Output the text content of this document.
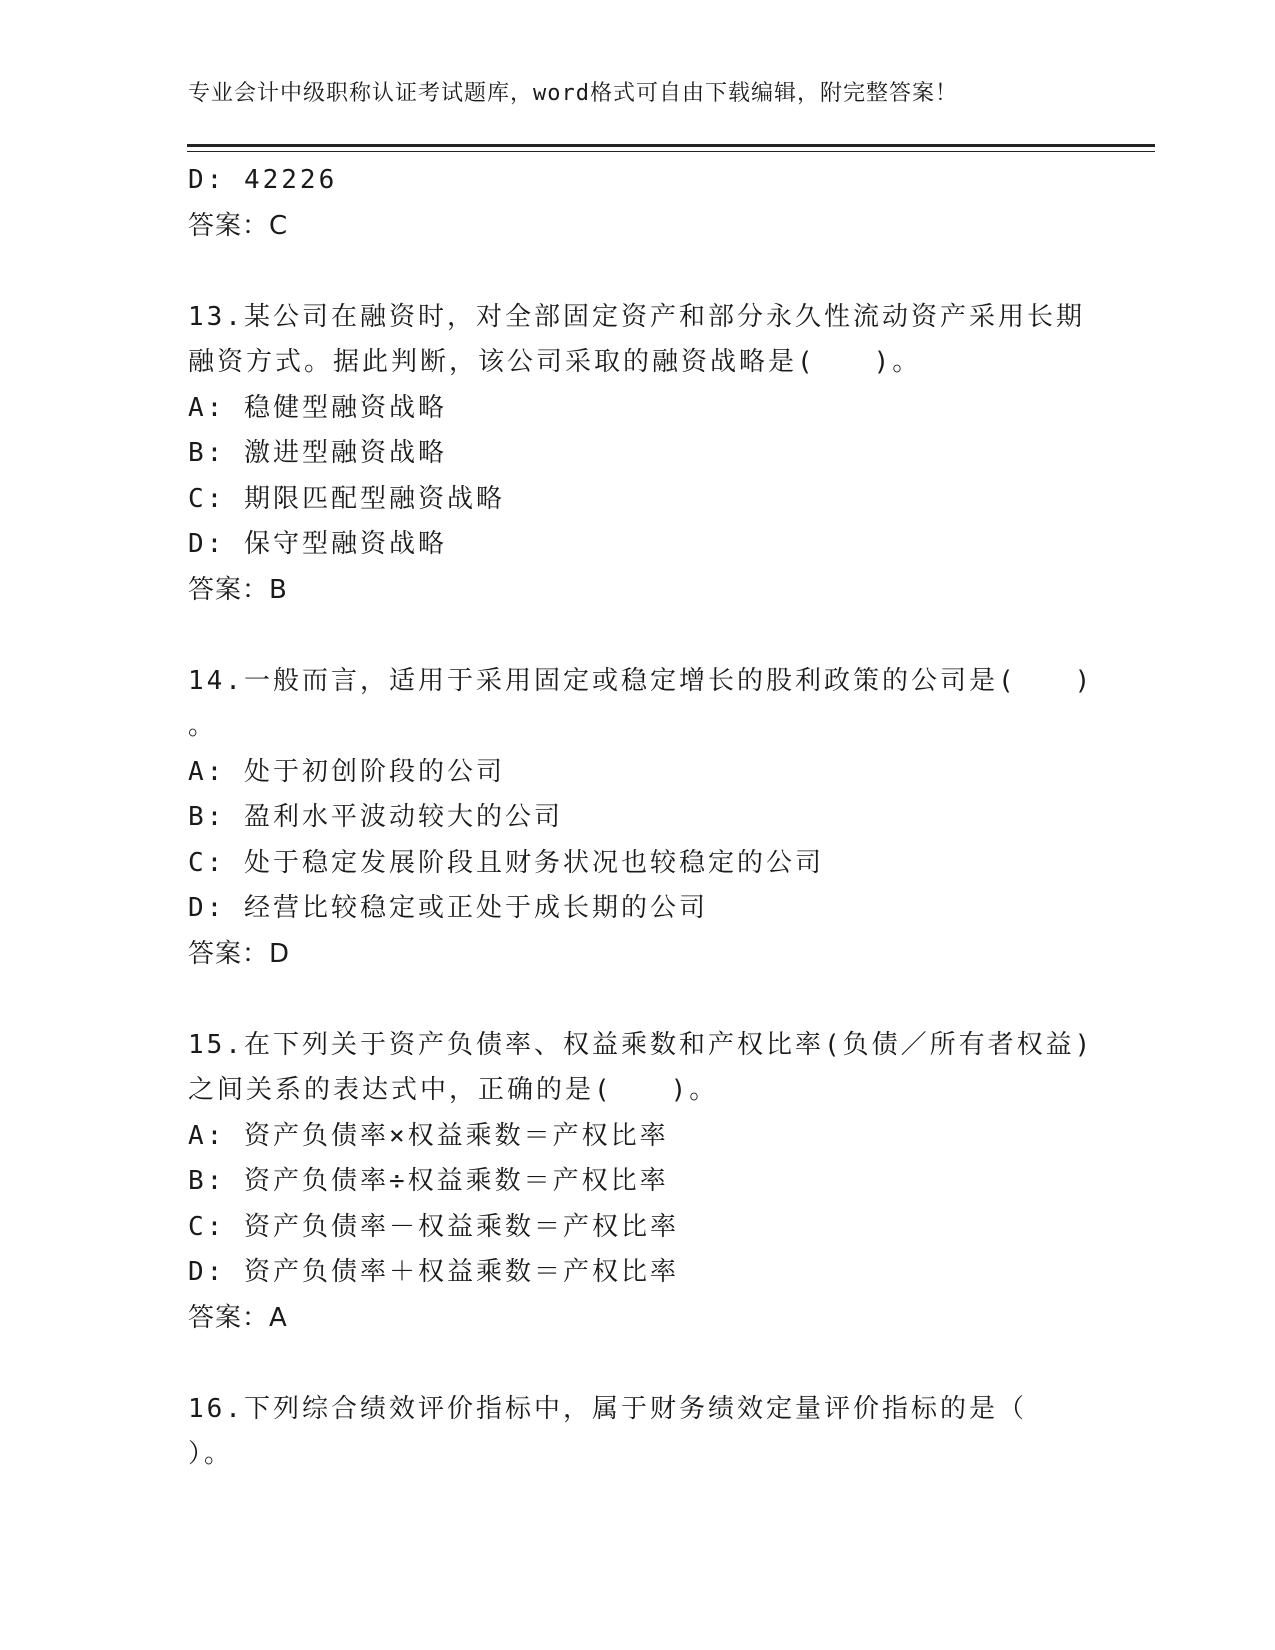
专业会计中级职称认证考试题库，word格式可自由下载编辑，附完整答案！
D: 42226
答案：C
13.某公司在融资时，对全部固定资产和部分永久性流动资产采用长期
融资方式。据此判断，该公司采取的融资战略是(　　)。
A: 稳健型融资战略
B: 激进型融资战略
C: 期限匹配型融资战略
D: 保守型融资战略
答案：B
14.一般而言，适用于采用固定或稳定增长的股利政策的公司是(　　)
。
A: 处于初创阶段的公司
B: 盈利水平波动较大的公司
C: 处于稳定发展阶段且财务状况也较稳定的公司
D: 经营比较稳定或正处于成长期的公司
答案：D
15.在下列关于资产负债率、权益乘数和产权比率(负债／所有者权益)
之间关系的表达式中，正确的是(　　)。
A: 资产负债率×权益乘数＝产权比率
B: 资产负债率÷权益乘数＝产权比率
C: 资产负债率－权益乘数＝产权比率
D: 资产负债率＋权益乘数＝产权比率
答案：A
16.下列综合绩效评价指标中，属于财务绩效定量评价指标的是（
）。
